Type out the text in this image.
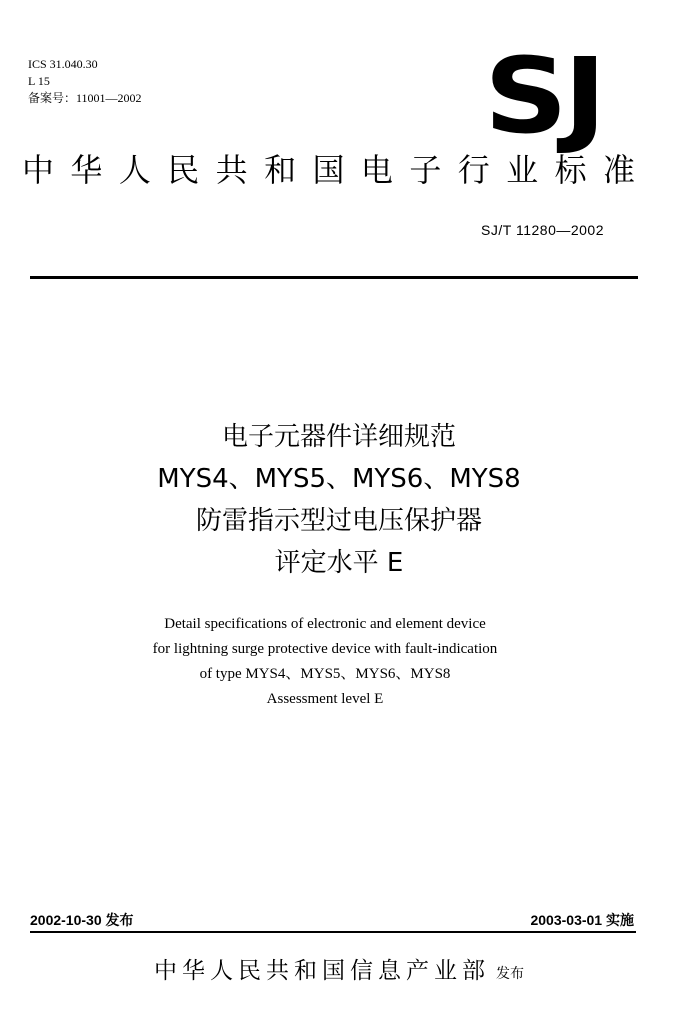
ICS 31.040.30
L 15
备案号：11001—2002	SJ
中华人民共和国电子行业标准
SJ/T 11280—2002
电子元器件详细规范
MYS4、MYS5、MYS6、MYS8
防雷指示型过电压保护器
评定水平 E
Detail specifications of electronic and element device
for lightning surge protective device with fault-indication
of type MYS4、MYS5、MYS6、MYS8
Assessment level E
2002-10-30 发布	2003-03-01 实施
中华人民共和国信息产业部 发布
